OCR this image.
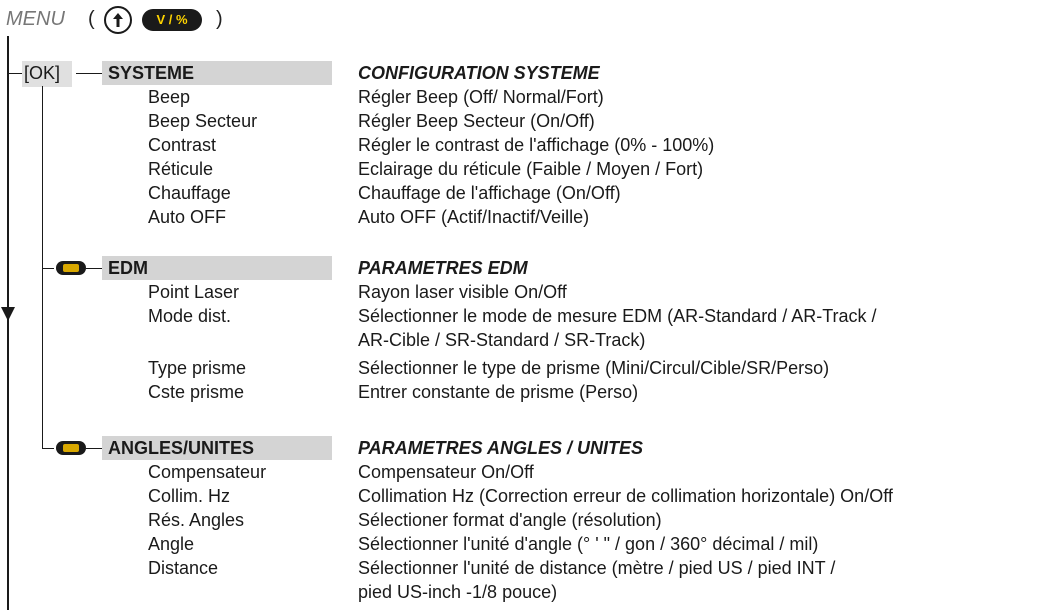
MENU (	V / %	)
[OK]	SYSTEME	CONFIGURATION SYSTEME
Beep	Régler Beep (Off/ Normal/Fort)
Beep Secteur	Régler Beep Secteur (On/Off)
Contrast	Régler le contrast de l'affichage (0% - 100%)
Réticule	Eclairage du réticule (Faible / Moyen / Fort)
Chauffage	Chauffage de l'affichage (On/Off)
Auto OFF	Auto OFF (Actif/Inactif/Veille)
EDM	PARAMETRES EDM
Point Laser	Rayon laser visible On/Off
Mode dist.	Sélectionner le mode de mesure EDM (AR-Standard / AR-Track /
AR-Cible / SR-Standard / SR-Track)
Type prisme	Sélectionner le type de prisme (Mini/Circul/Cible/SR/Perso)
Cste prisme	Entrer constante de prisme (Perso)
ANGLES/UNITES	PARAMETRES ANGLES / UNITES
Compensateur	Compensateur On/Off
Collim. Hz	Collimation Hz (Correction erreur de collimation horizontale) On/Off
Rés. Angles	Sélectioner format d'angle (résolution)
Angle	Sélectionner l'unité d'angle (° ' " / gon / 360° décimal / mil)
Distance	Sélectionner l'unité de distance (mètre / pied US / pied INT /
pied US-inch -1/8 pouce)
